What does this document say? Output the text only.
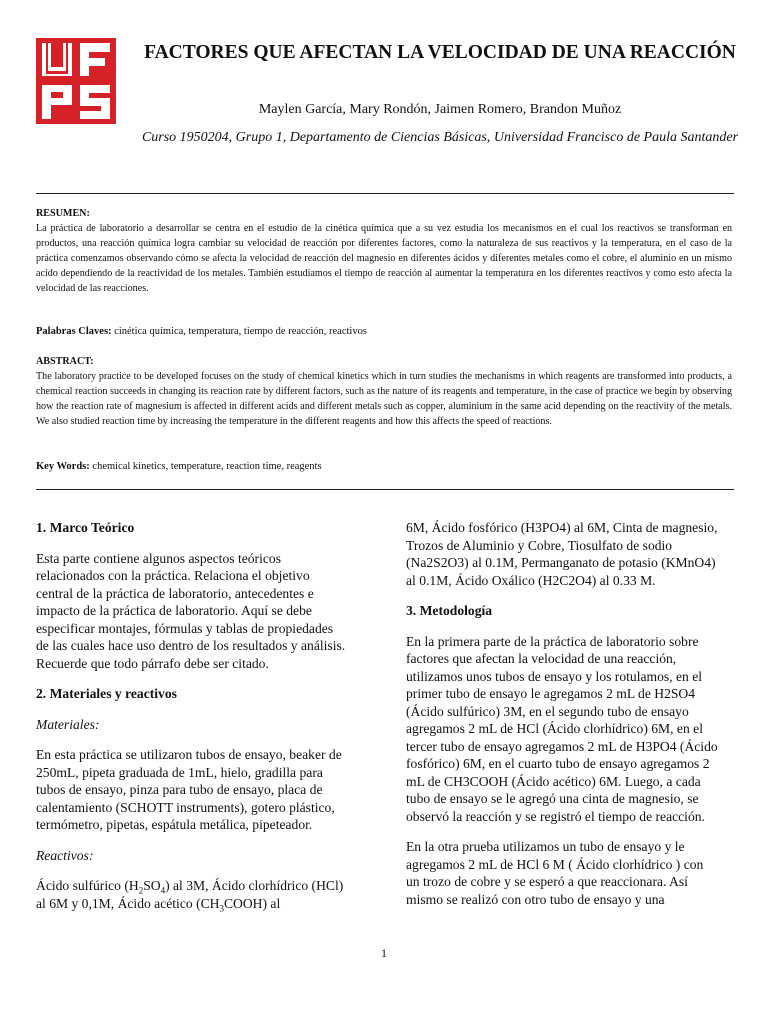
FACTORES QUE AFECTAN LA VELOCIDAD DE UNA REACCIÓN
Maylen García, Mary Rondón, Jaimen Romero, Brandon Muñoz
Curso 1950204, Grupo 1, Departamento de Ciencias Básicas, Universidad Francisco de Paula Santander
RESUMEN:
La práctica de laboratorio a desarrollar se centra en el estudio de la cinética química que a su vez estudia los mecanismos en el cual los reactivos se transforman en productos, una reacción química logra cambiar su velocidad de reacción por diferentes factores, como la naturaleza de sus reactivos y la temperatura, en el caso de la práctica comenzamos observando cómo se afecta la velocidad de reacción del magnesio en diferentes ácidos y diferentes metales como el cobre, el aluminio en un mismo acido dependiendo de la reactividad de los metales. También estudiamos el tiempo de reacción al aumentar la temperatura en los diferentes reactivos y como esto afecta la velocidad de las reacciones.
Palabras Claves: cinética química, temperatura, tiempo de reacción, reactivos
ABSTRACT:
The laboratory practice to be developed focuses on the study of chemical kinetics which in turn studies the mechanisms in which reagents are transformed into products, a chemical reaction succeeds in changing its reaction rate by different factors, such as the nature of its reagents and temperature, in the case of practice we begin by observing how the reaction rate of magnesium is affected in different acids and different metals such as copper, aluminium in the same acid depending on the reactivity of the metals. We also studied reaction time by increasing the temperature in the different reagents and how this affects the speed of reactions.
Key Words: chemical kinetics, temperature, reaction time, reagents

1. Marco Teórico

Esta parte contiene algunos aspectos teóricos relacionados con la práctica. Relaciona el objetivo central de la práctica de laboratorio, antecedentes e impacto de la práctica de laboratorio. Aquí se debe especificar montajes, fórmulas y tablas de propiedades de las cuales hace uso dentro de los resultados y análisis. Recuerde que todo párrafo debe ser citado.

2. Materiales y reactivos

Materiales:

En esta práctica se utilizaron tubos de ensayo, beaker de 250mL, pipeta graduada de 1mL, hielo, gradilla para tubos de ensayo, pinza para tubo de ensayo, placa de calentamiento (SCHOTT instruments), gotero plástico, termómetro, pipetas, espátula metálica, pipeteador.

Reactivos:

Ácido sulfúrico $(H_2SO_4)$ al 3M, Ácido clorhídrico (HCl) al 6M y 0,1M, Ácido acético $(CH_3COOH)$ al

6M, Ácido fosfórico (H3PO4) al 6M, Cinta de magnesio, Trozos de Aluminio y Cobre, Tiosulfato de sodio (Na2S2O3) al 0.1M, Permanganato de potasio (KMnO4) al 0.1M, Ácido Oxálico (H2C2O4) al 0.33 M.

3. Metodología

En la primera parte de la práctica de laboratorio sobre factores que afectan la velocidad de una reacción, utilizamos unos tubos de ensayo y los rotulamos, en el primer tubo de ensayo le agregamos 2 mL de H2SO4 (Ácido sulfúrico) 3M, en el segundo tubo de ensayo agregamos 2 mL de HCl (Ácido clorhídrico) 6M, en el tercer tubo de ensayo agregamos 2 mL de H3PO4 (Ácido fosfórico) 6M, en el cuarto tubo de ensayo agregamos 2 mL de CH3COOH (Ácido acético) 6M. Luego, a cada tubo de ensayo se le agregó una cinta de magnesio, se observó la reacción y se registró el tiempo de reacción.

En la otra prueba utilizamos un tubo de ensayo y le agregamos 2 mL de HCl 6 M ( Ácido clorhídrico ) con un trozo de cobre y se esperó a que reaccionara. Así mismo se realizó con otro tubo de ensayo y una

1
